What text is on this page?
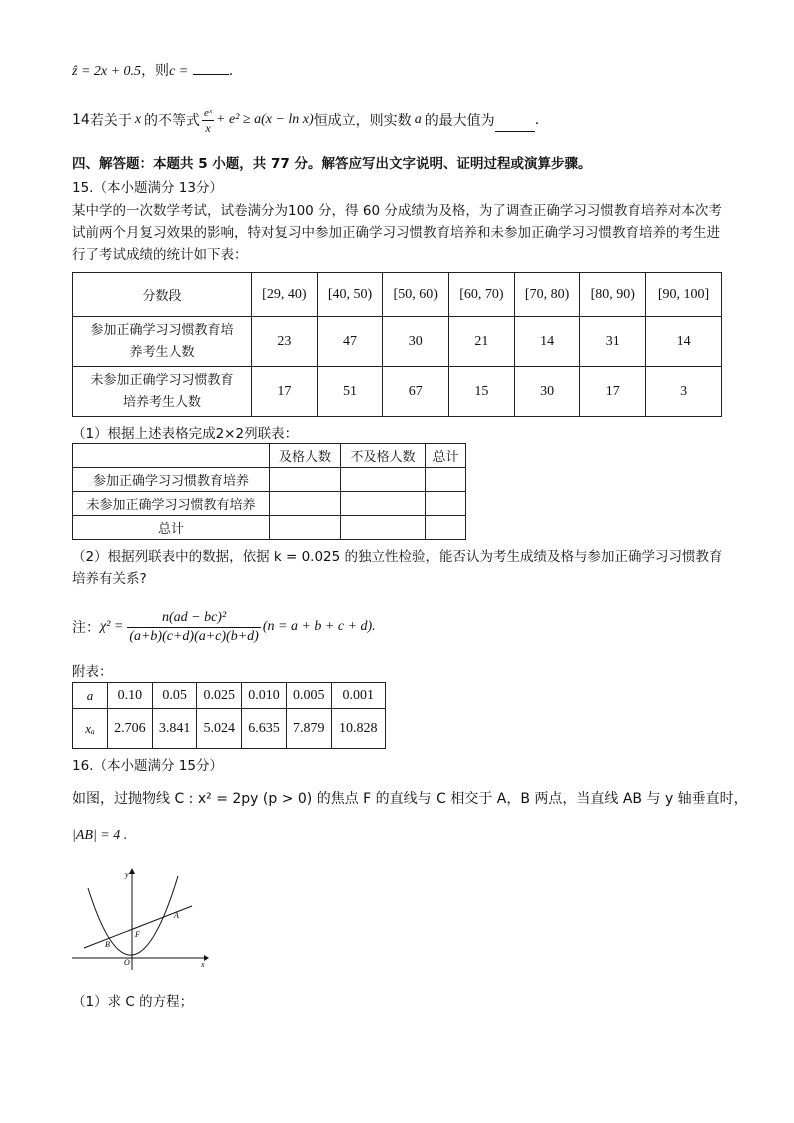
ẑ = 2x + 0.5，则c =	.
14 若关于 x 的不等式 $\frac{\text{eˣ}}{x} + e^2 \ge a(x - \ln x)$ 恒成立，则实数 a 的最大值为	.
四、解答题：本题共 5 小题，共 77 分。解答应写出文字说明、证明过程或演算步骤。
15.（本小题满分 13分）

某中学的一次数学考试，试卷满分为100 分，得 60 分成绩为及格，为了调查正确学习习惯教育培养对本次考试前两个月复习效果的影响，特对复习中参加正确学习习惯教育培养和未参加正确学习习惯教育培养的考生进行了考试成绩的统计如下表：

分数段	[29, 40)	[40, 50)	[50, 60)	[60, 70)	[70, 80)	[80, 90)	[90, 100]
参加正确学习习惯教育培养考生人数	23	47	30	21	14	31	14
未参加正确学习习惯教育培养考生人数	17	51	67	15	30	17	3
（1）根据上述表格完成2×2列联表：
	及格人数	不及格人数	总计
参加正确学习习惯教育培养			
未参加正确学习习惯教有培养			
总计			

（2）根据列联表中的数据，依据 k = 0.025 的独立性检验，能否认为考生成绩及格与参加正确学习习惯教育培养有关系?

注： $\chi^2 = \frac{\text{n(ad − bc)²}}{(a+b)(c+d)(a+c)(b+d)} (n = a + b + c + d)$.
附表：
a	0.10	0.05	0.025	0.010	0.005	0.001
xₐ	2.706	3.841	5.024	6.635	7.879	10.828
16.（本小题满分 15分）
如图，过抛物线 C : x² = 2py (p > 0) 的焦点 F 的直线与 C 相交于 A，B 两点，当直线 AB 与 y 轴垂直时，
|AB| = 4 .
y
x
O
A
B
F
（1）求 C 的方程；
